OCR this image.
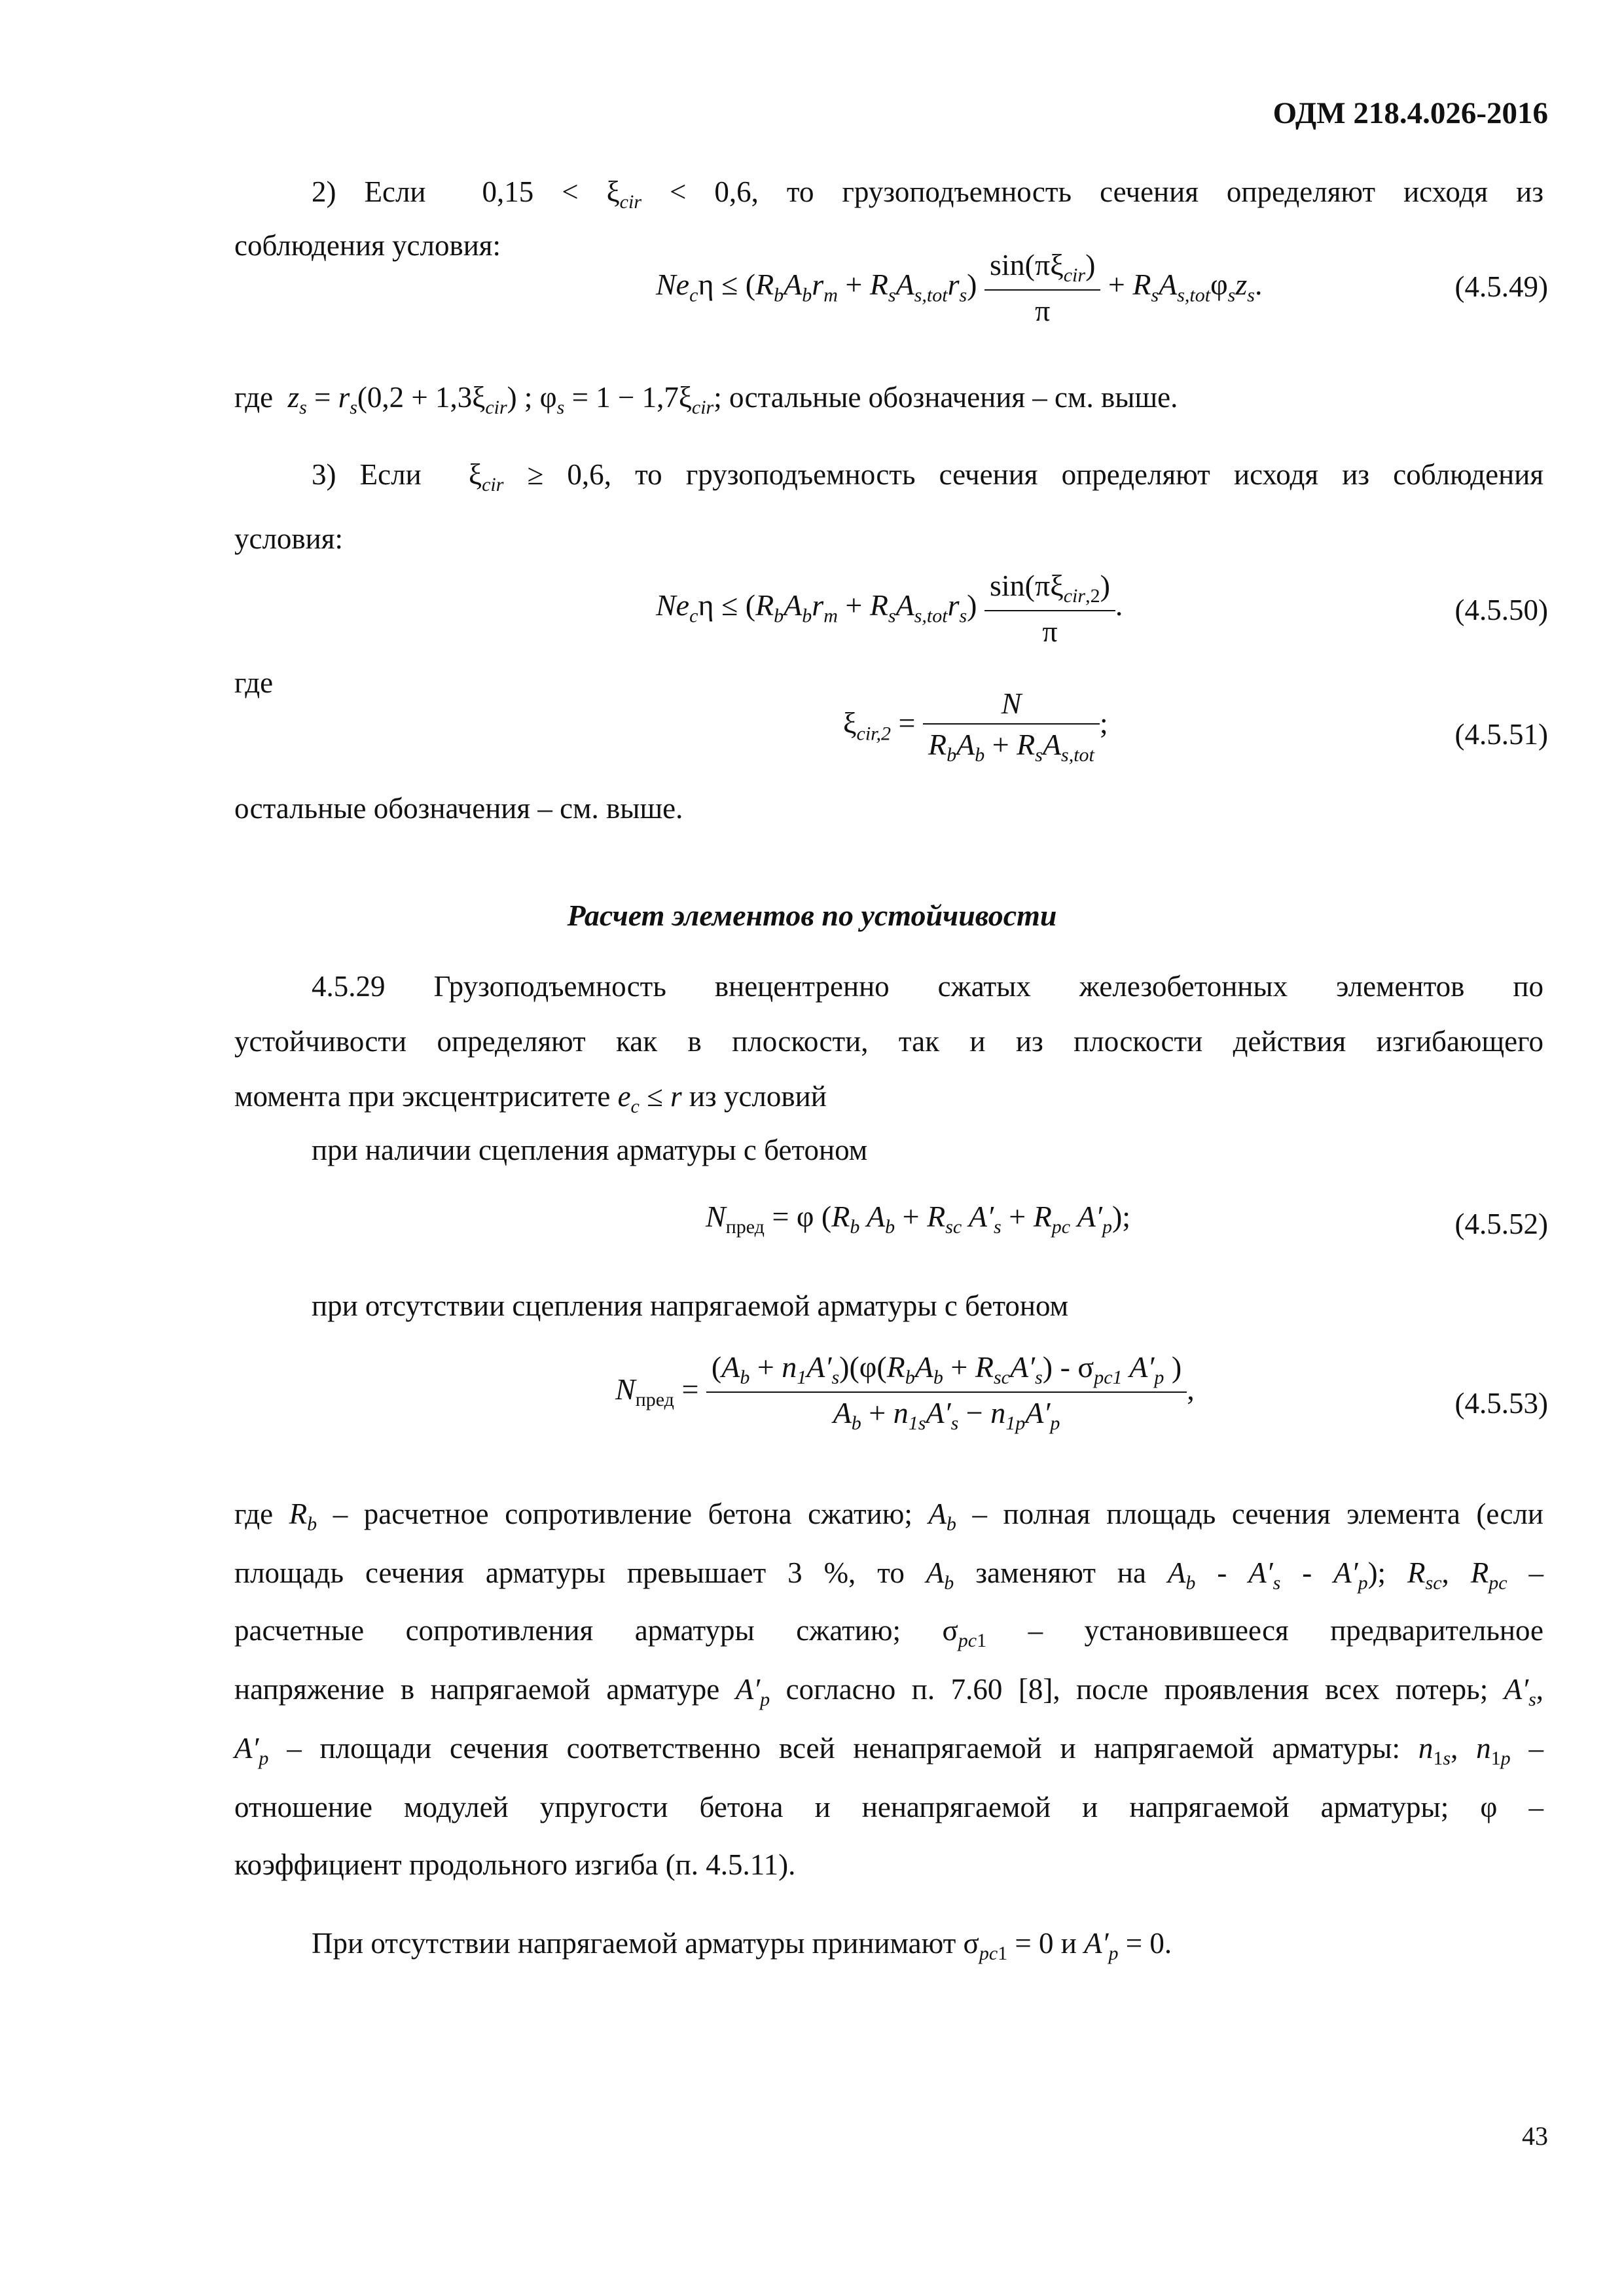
ОДМ 218.4.026-2016
2) Если  $0,15 < \xi_{cir} < 0,6$, то грузоподъемность сечения определяют исходя из
соблюдения условия:
$Ne_c\eta \le (R_bA_br_m + R_sA_{s,tot}r_s) \frac{\sin(\pi\xi_{cir})}{\pi} + R_sA_{s,tot}\varphi_sz_s$.	(4.5.49)
где  $z_s = r_s(0,2 + 1,3\xi_{cir})$ ; $\varphi_s = 1 - 1,7\xi_{cir}$; остальные обозначения – см. выше.
3) Если  $\xi_{cir} \ge 0,6$, то грузоподъемность сечения определяют исходя из соблюдения
условия:
$Ne_c\eta \le (R_bA_br_m + R_sA_{s,tot}r_s) \frac{\sin(\pi\xi_{cir,2})}{\pi}$ .	(4.5.50)
где
$\xi_{cir,2} = \frac{N}{R_bA_b + R_sA_{s,tot}}$ ;	(4.5.51)
остальные обозначения – см. выше.
Расчет элементов по устойчивости
4.5.29 Грузоподъемность внецентренно сжатых железобетонных элементов по
устойчивости определяют как в плоскости, так и из плоскости действия изгибающего
момента при эксцентриситете $e_c \le r$ из условий
при наличии сцепления арматуры с бетоном
$N_{пред} = \varphi$ ($R_b$ $A_b + R_{sc}$ $A'_s + R_{pc}$ $A'_p$);	(4.5.52)
при отсутствии сцепления напрягаемой арматуры с бетоном
$N_{пред} = \frac{(A_b + n_1A'_s)(\varphi(R_bA_b + R_{sc}A'_s) - \sigma_{pc1} A'_p )}{A_b + n_{1s}A'_s - n_{1p}A'_p}$ ,	(4.5.53)
где $R_b$ – расчетное сопротивление бетона сжатию; $A_b$ – полная площадь сечения элемента (если
площадь сечения арматуры превышает 3 %, то $A_b$ заменяют на $A_b - A'_s - A'_p$); $R_{sc}$, $R_{pc}$ –
расчетные сопротивления арматуры сжатию; $\sigma_{pc1}$ – установившееся предварительное
напряжение в напрягаемой арматуре $A'_p$ согласно п. 7.60 [8], после проявления всех потерь; $A'_s$,
$A'_p$ – площади сечения соответственно всей ненапрягаемой и напрягаемой арматуры: $n_{1s}$, $n_{1p}$ –
отношение модулей упругости бетона и ненапрягаемой и напрягаемой арматуры; φ –
коэффициент продольного изгиба (п. 4.5.11).
При отсутствии напрягаемой арматуры принимают $\sigma_{pc1} = 0$ и $A'_p = 0$.
43
